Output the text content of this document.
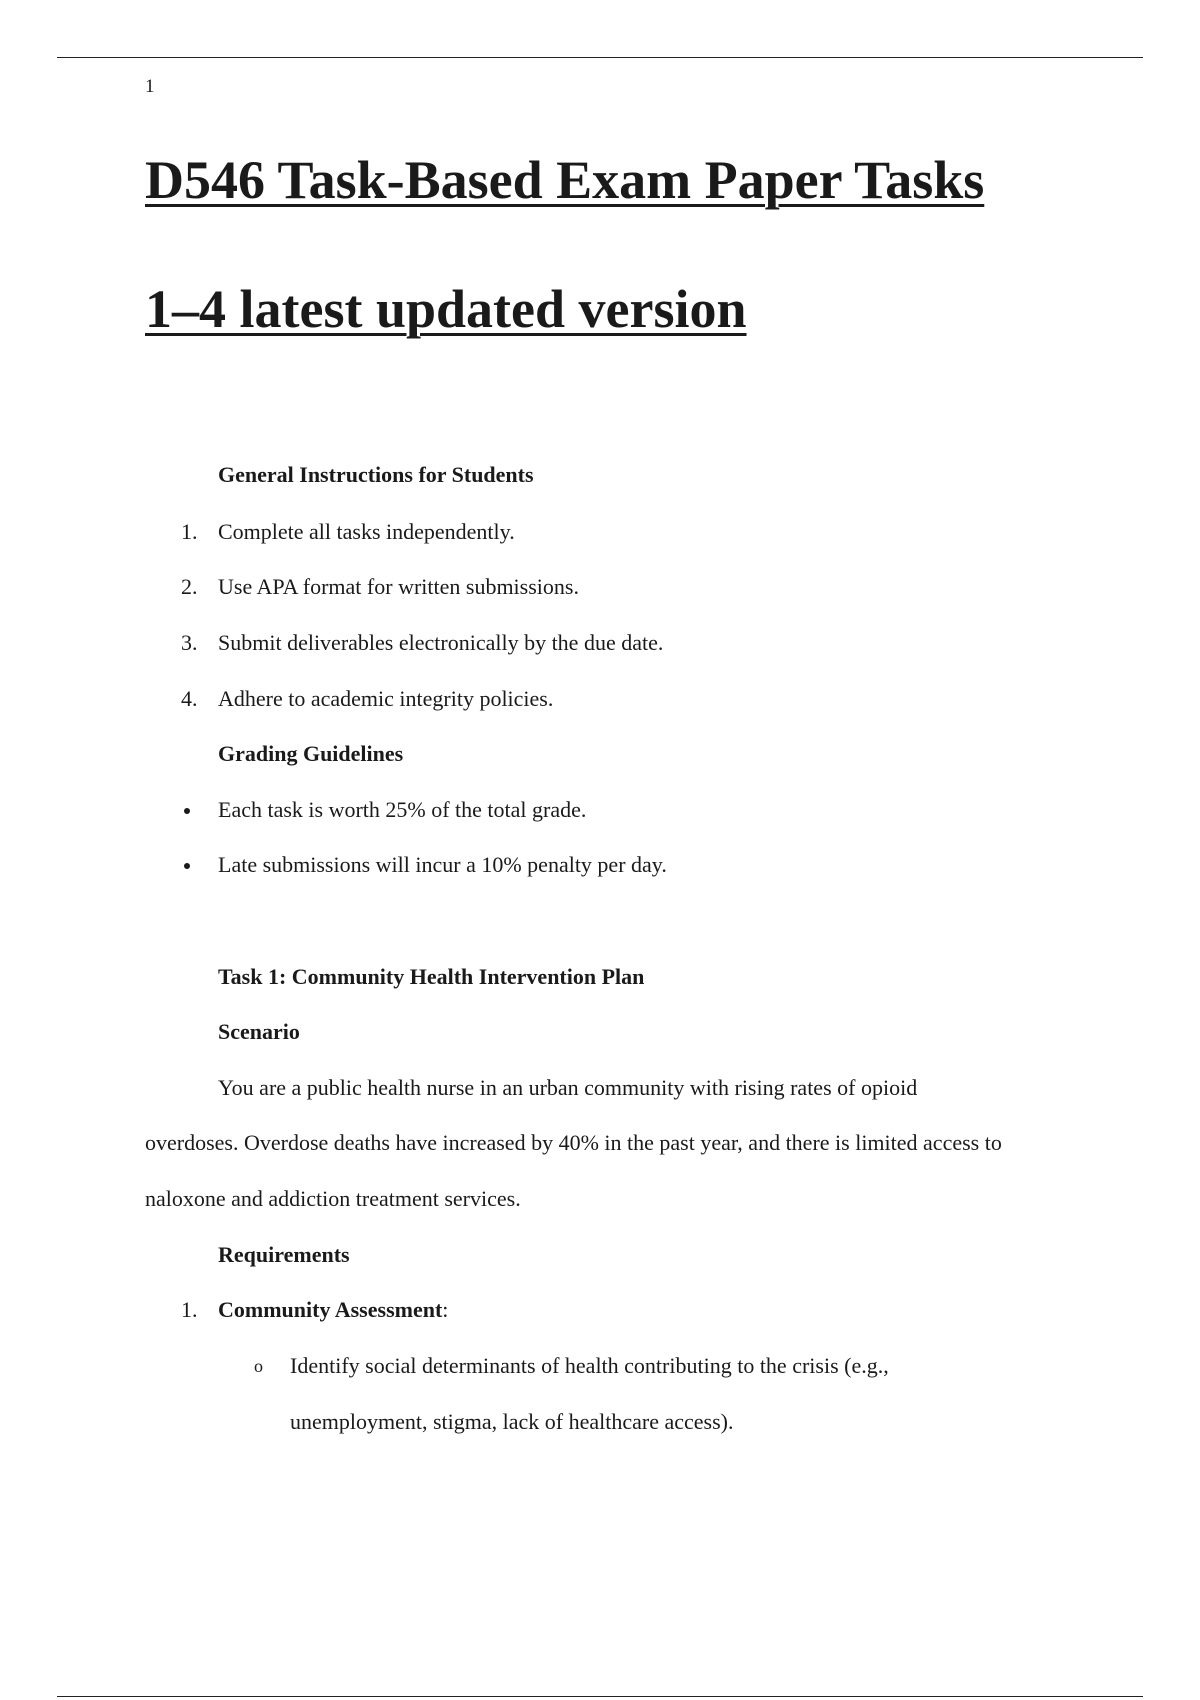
1
D546 Task-Based Exam Paper Tasks
1–4 latest updated version
General Instructions for Students
1. Complete all tasks independently.
2. Use APA format for written submissions.
3. Submit deliverables electronically by the due date.
4. Adhere to academic integrity policies.
Grading Guidelines
Each task is worth 25% of the total grade.
Late submissions will incur a 10% penalty per day.
Task 1: Community Health Intervention Plan
Scenario
You are a public health nurse in an urban community with rising rates of opioid
overdoses. Overdose deaths have increased by 40% in the past year, and there is limited access to
naloxone and addiction treatment services.
Requirements
1. Community Assessment:
o Identify social determinants of health contributing to the crisis (e.g.,
unemployment, stigma, lack of healthcare access).
